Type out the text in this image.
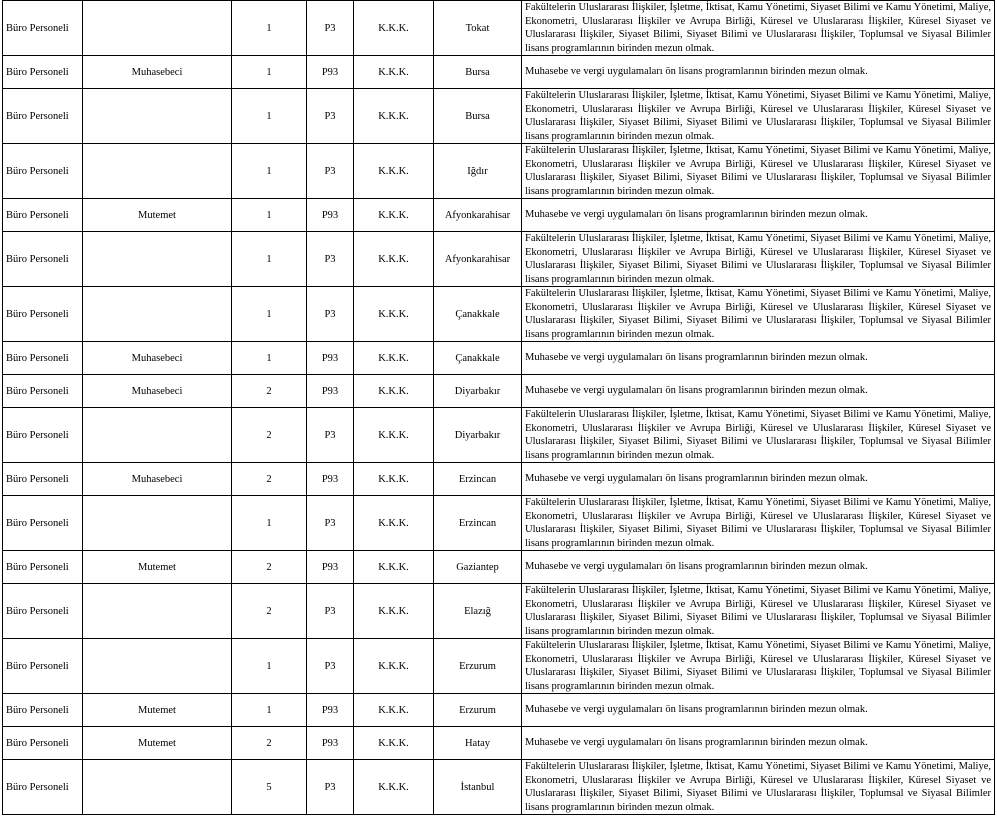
Büro Personeli		1	P3	K.K.K.	Tokat	Fakültelerin Uluslararası İlişkiler, İşletme, İktisat, Kamu Yönetimi, Siyaset Bilimi ve Kamu Yönetimi, Maliye, Ekonometri, Uluslararası İlişkiler ve Avrupa Birliği, Küresel ve Uluslararası İlişkiler, Küresel Siyaset ve Uluslararası İlişkiler, Siyaset Bilimi, Siyaset Bilimi ve Uluslararası İlişkiler, Toplumsal ve Siyasal Bilimler lisans programlarının birinden mezun olmak.
Büro Personeli	Muhasebeci	1	P93	K.K.K.	Bursa	Muhasebe ve vergi uygulamaları ön lisans programlarının birinden mezun olmak.
Büro Personeli		1	P3	K.K.K.	Bursa	Fakültelerin Uluslararası İlişkiler, İşletme, İktisat, Kamu Yönetimi, Siyaset Bilimi ve Kamu Yönetimi, Maliye, Ekonometri, Uluslararası İlişkiler ve Avrupa Birliği, Küresel ve Uluslararası İlişkiler, Küresel Siyaset ve Uluslararası İlişkiler, Siyaset Bilimi, Siyaset Bilimi ve Uluslararası İlişkiler, Toplumsal ve Siyasal Bilimler lisans programlarının birinden mezun olmak.
Büro Personeli		1	P3	K.K.K.	Iğdır	Fakültelerin Uluslararası İlişkiler, İşletme, İktisat, Kamu Yönetimi, Siyaset Bilimi ve Kamu Yönetimi, Maliye, Ekonometri, Uluslararası İlişkiler ve Avrupa Birliği, Küresel ve Uluslararası İlişkiler, Küresel Siyaset ve Uluslararası İlişkiler, Siyaset Bilimi, Siyaset Bilimi ve Uluslararası İlişkiler, Toplumsal ve Siyasal Bilimler lisans programlarının birinden mezun olmak.
Büro Personeli	Mutemet	1	P93	K.K.K.	Afyonkarahisar	Muhasebe ve vergi uygulamaları ön lisans programlarının birinden mezun olmak.
Büro Personeli		1	P3	K.K.K.	Afyonkarahisar	Fakültelerin Uluslararası İlişkiler, İşletme, İktisat, Kamu Yönetimi, Siyaset Bilimi ve Kamu Yönetimi, Maliye, Ekonometri, Uluslararası İlişkiler ve Avrupa Birliği, Küresel ve Uluslararası İlişkiler, Küresel Siyaset ve Uluslararası İlişkiler, Siyaset Bilimi, Siyaset Bilimi ve Uluslararası İlişkiler, Toplumsal ve Siyasal Bilimler lisans programlarının birinden mezun olmak.
Büro Personeli		1	P3	K.K.K.	Çanakkale	Fakültelerin Uluslararası İlişkiler, İşletme, İktisat, Kamu Yönetimi, Siyaset Bilimi ve Kamu Yönetimi, Maliye, Ekonometri, Uluslararası İlişkiler ve Avrupa Birliği, Küresel ve Uluslararası İlişkiler, Küresel Siyaset ve Uluslararası İlişkiler, Siyaset Bilimi, Siyaset Bilimi ve Uluslararası İlişkiler, Toplumsal ve Siyasal Bilimler lisans programlarının birinden mezun olmak.
Büro Personeli	Muhasebeci	1	P93	K.K.K.	Çanakkale	Muhasebe ve vergi uygulamaları ön lisans programlarının birinden mezun olmak.
Büro Personeli	Muhasebeci	2	P93	K.K.K.	Diyarbakır	Muhasebe ve vergi uygulamaları ön lisans programlarının birinden mezun olmak.
Büro Personeli		2	P3	K.K.K.	Diyarbakır	Fakültelerin Uluslararası İlişkiler, İşletme, İktisat, Kamu Yönetimi, Siyaset Bilimi ve Kamu Yönetimi, Maliye, Ekonometri, Uluslararası İlişkiler ve Avrupa Birliği, Küresel ve Uluslararası İlişkiler, Küresel Siyaset ve Uluslararası İlişkiler, Siyaset Bilimi, Siyaset Bilimi ve Uluslararası İlişkiler, Toplumsal ve Siyasal Bilimler lisans programlarının birinden mezun olmak.
Büro Personeli	Muhasebeci	2	P93	K.K.K.	Erzincan	Muhasebe ve vergi uygulamaları ön lisans programlarının birinden mezun olmak.
Büro Personeli		1	P3	K.K.K.	Erzincan	Fakültelerin Uluslararası İlişkiler, İşletme, İktisat, Kamu Yönetimi, Siyaset Bilimi ve Kamu Yönetimi, Maliye, Ekonometri, Uluslararası İlişkiler ve Avrupa Birliği, Küresel ve Uluslararası İlişkiler, Küresel Siyaset ve Uluslararası İlişkiler, Siyaset Bilimi, Siyaset Bilimi ve Uluslararası İlişkiler, Toplumsal ve Siyasal Bilimler lisans programlarının birinden mezun olmak.
Büro Personeli	Mutemet	2	P93	K.K.K.	Gaziantep	Muhasebe ve vergi uygulamaları ön lisans programlarının birinden mezun olmak.
Büro Personeli		2	P3	K.K.K.	Elazığ	Fakültelerin Uluslararası İlişkiler, İşletme, İktisat, Kamu Yönetimi, Siyaset Bilimi ve Kamu Yönetimi, Maliye, Ekonometri, Uluslararası İlişkiler ve Avrupa Birliği, Küresel ve Uluslararası İlişkiler, Küresel Siyaset ve Uluslararası İlişkiler, Siyaset Bilimi, Siyaset Bilimi ve Uluslararası İlişkiler, Toplumsal ve Siyasal Bilimler lisans programlarının birinden mezun olmak.
Büro Personeli		1	P3	K.K.K.	Erzurum	Fakültelerin Uluslararası İlişkiler, İşletme, İktisat, Kamu Yönetimi, Siyaset Bilimi ve Kamu Yönetimi, Maliye, Ekonometri, Uluslararası İlişkiler ve Avrupa Birliği, Küresel ve Uluslararası İlişkiler, Küresel Siyaset ve Uluslararası İlişkiler, Siyaset Bilimi, Siyaset Bilimi ve Uluslararası İlişkiler, Toplumsal ve Siyasal Bilimler lisans programlarının birinden mezun olmak.
Büro Personeli	Mutemet	1	P93	K.K.K.	Erzurum	Muhasebe ve vergi uygulamaları ön lisans programlarının birinden mezun olmak.
Büro Personeli	Mutemet	2	P93	K.K.K.	Hatay	Muhasebe ve vergi uygulamaları ön lisans programlarının birinden mezun olmak.
Büro Personeli		5	P3	K.K.K.	İstanbul	Fakültelerin Uluslararası İlişkiler, İşletme, İktisat, Kamu Yönetimi, Siyaset Bilimi ve Kamu Yönetimi, Maliye, Ekonometri, Uluslararası İlişkiler ve Avrupa Birliği, Küresel ve Uluslararası İlişkiler, Küresel Siyaset ve Uluslararası İlişkiler, Siyaset Bilimi, Siyaset Bilimi ve Uluslararası İlişkiler, Toplumsal ve Siyasal Bilimler lisans programlarının birinden mezun olmak.
